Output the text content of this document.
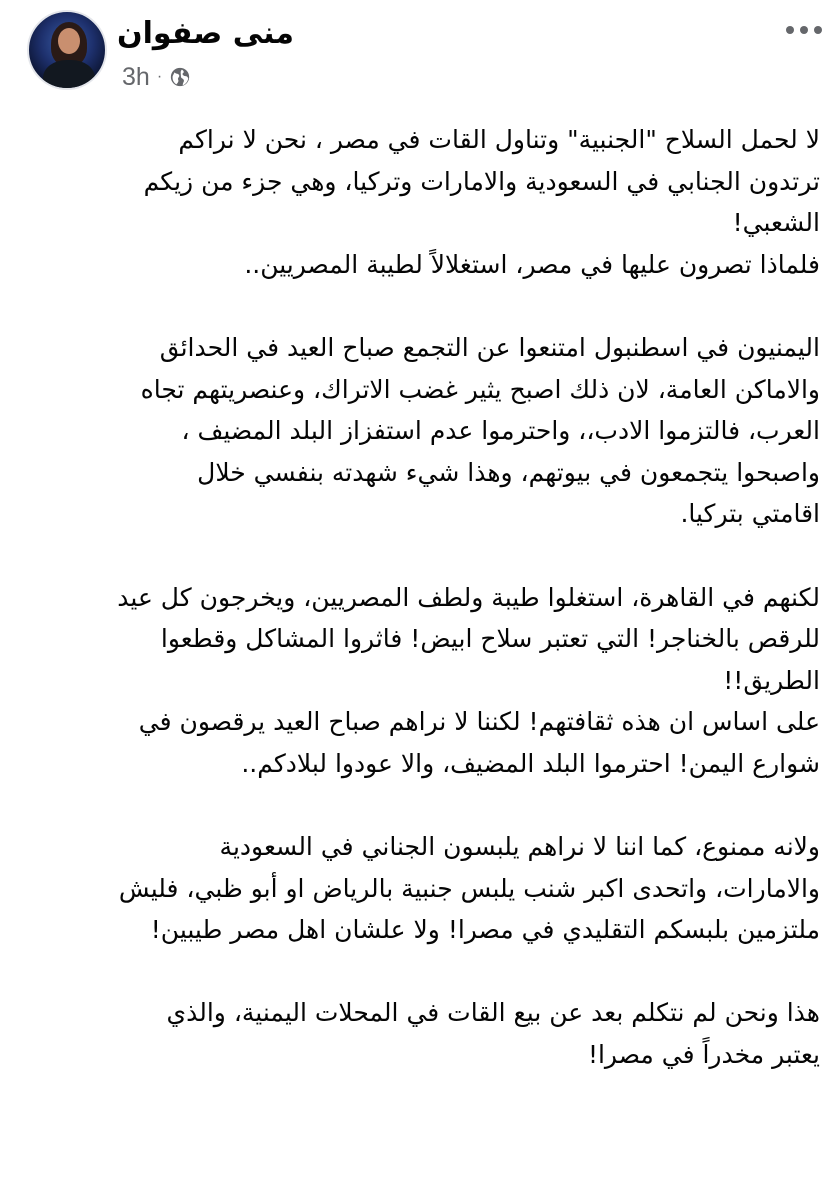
منى صفوان
3h ·

لا لحمل السلاح "الجنبية" وتناول القات في مصر ، نحن لا نراكم
ترتدون الجنابي في السعودية والامارات وتركيا، وهي جزء من زيكم
الشعبي!
فلماذا تصرون عليها في مصر، استغلالاً لطيبة المصريين..

اليمنيون في اسطنبول امتنعوا عن التجمع صباح العيد في الحدائق
والاماكن العامة، لان ذلك اصبح يثير غضب الاتراك، وعنصريتهم تجاه
العرب، فالتزموا الادب،، واحترموا عدم استفزاز البلد المضيف ،
واصبحوا يتجمعون في بيوتهم، وهذا شيء شهدته بنفسي خلال
اقامتي بتركيا.

لكنهم في القاهرة، استغلوا طيبة ولطف المصريين، ويخرجون كل عيد
للرقص بالخناجر! التي تعتبر سلاح ابيض! فاثروا المشاكل وقطعوا
الطريق!!
على اساس ان هذه ثقافتهم! لكننا لا نراهم صباح العيد يرقصون في
شوارع اليمن! احترموا البلد المضيف، والا عودوا لبلادكم..

ولانه ممنوع، كما اننا لا نراهم يلبسون الجناني في السعودية
والامارات، واتحدى اكبر شنب يلبس جنبية بالرياض او أبو ظبي، فليش
ملتزمين بلبسكم التقليدي في مصرا! ولا علشان اهل مصر طيبين!

هذا ونحن لم نتكلم بعد عن بيع القات في المحلات اليمنية، والذي
يعتبر مخدراً في مصرا!
